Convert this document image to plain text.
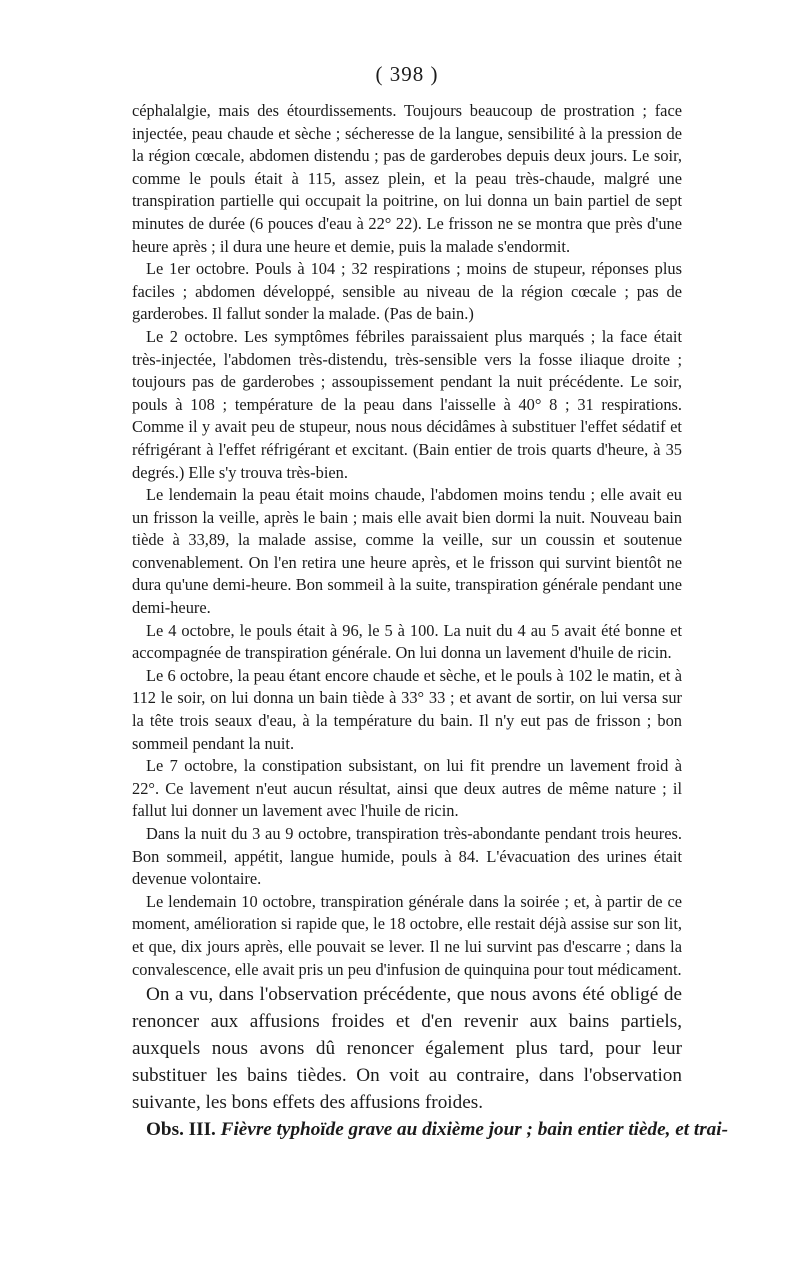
( 398 )

céphalalgie, mais des étourdissements. Toujours beaucoup de prostration ; face injectée, peau chaude et sèche ; sécheresse de la langue, sensibilité à la pression de la région cœcale, abdomen distendu ; pas de garderobes depuis deux jours. Le soir, comme le pouls était à 115, assez plein, et la peau très-chaude, malgré une transpiration partielle qui occupait la poitrine, on lui donna un bain partiel de sept minutes de durée (6 pouces d'eau à 22° 22). Le frisson ne se montra que près d'une heure après ; il dura une heure et demie, puis la malade s'endormit.

Le 1er octobre. Pouls à 104 ; 32 respirations ; moins de stupeur, réponses plus faciles ; abdomen développé, sensible au niveau de la région cœcale ; pas de garderobes. Il fallut sonder la malade. (Pas de bain.)

Le 2 octobre. Les symptômes fébriles paraissaient plus marqués ; la face était très-injectée, l'abdomen très-distendu, très-sensible vers la fosse iliaque droite ; toujours pas de garderobes ; assoupissement pendant la nuit précédente. Le soir, pouls à 108 ; température de la peau dans l'aisselle à 40° 8 ; 31 respirations. Comme il y avait peu de stupeur, nous nous décidâmes à substituer l'effet sédatif et réfrigérant à l'effet réfrigérant et excitant. (Bain entier de trois quarts d'heure, à 35 degrés.) Elle s'y trouva très-bien.

Le lendemain la peau était moins chaude, l'abdomen moins tendu ; elle avait eu un frisson la veille, après le bain ; mais elle avait bien dormi la nuit. Nouveau bain tiède à 33,89, la malade assise, comme la veille, sur un coussin et soutenue convenablement. On l'en retira une heure après, et le frisson qui survint bientôt ne dura qu'une demi-heure. Bon sommeil à la suite, transpiration générale pendant une demi-heure.

Le 4 octobre, le pouls était à 96, le 5 à 100. La nuit du 4 au 5 avait été bonne et accompagnée de transpiration générale. On lui donna un lavement d'huile de ricin.

Le 6 octobre, la peau étant encore chaude et sèche, et le pouls à 102 le matin, et à 112 le soir, on lui donna un bain tiède à 33° 33 ; et avant de sortir, on lui versa sur la tête trois seaux d'eau, à la température du bain. Il n'y eut pas de frisson ; bon sommeil pendant la nuit.

Le 7 octobre, la constipation subsistant, on lui fit prendre un lavement froid à 22°. Ce lavement n'eut aucun résultat, ainsi que deux autres de même nature ; il fallut lui donner un lavement avec l'huile de ricin.

Dans la nuit du 3 au 9 octobre, transpiration très-abondante pendant trois heures. Bon sommeil, appétit, langue humide, pouls à 84. L'évacuation des urines était devenue volontaire.

Le lendemain 10 octobre, transpiration générale dans la soirée ; et, à partir de ce moment, amélioration si rapide que, le 18 octobre, elle restait déjà assise sur son lit, et que, dix jours après, elle pouvait se lever. Il ne lui survint pas d'escarre ; dans la convalescence, elle avait pris un peu d'infusion de quinquina pour tout médicament.

On a vu, dans l'observation précédente, que nous avons été obligé de renoncer aux affusions froides et d'en revenir aux bains partiels, auxquels nous avons dû renoncer également plus tard, pour leur substituer les bains tièdes. On voit au contraire, dans l'observation suivante, les bons effets des affusions froides.

Obs. III. Fièvre typhoïde grave au dixième jour ; bain entier tiède, et trai-
